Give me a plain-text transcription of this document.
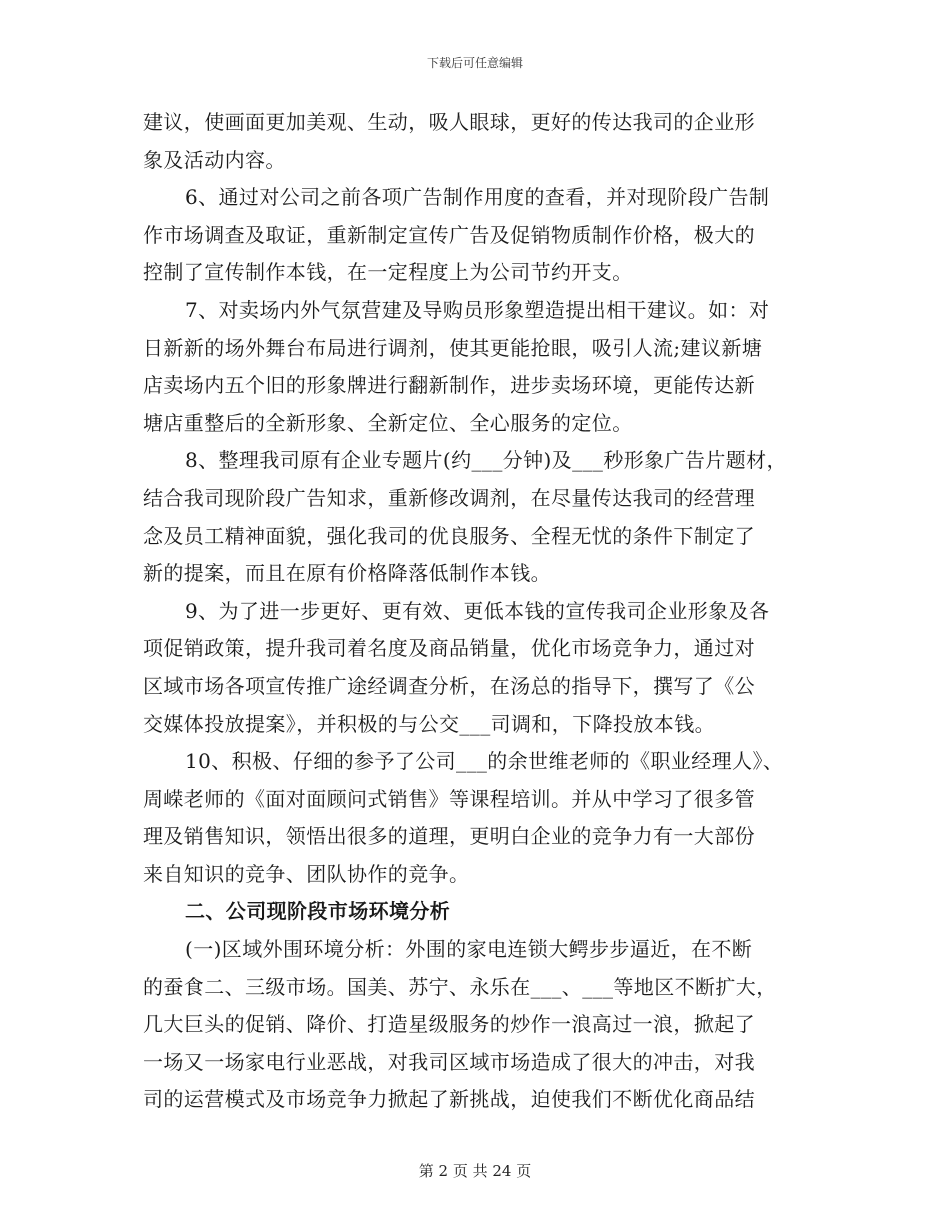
下载后可任意编辑
建议，使画面更加美观、生动，吸人眼球，更好的传达我司的企业形
象及活动内容。
6、通过对公司之前各项广告制作用度的查看，并对现阶段广告制
作市场调查及取证，重新制定宣传广告及促销物质制作价格，极大的
控制了宣传制作本钱，在一定程度上为公司节约开支。
7、对卖场内外气氛营建及导购员形象塑造提出相干建议。如：对
日新新的场外舞台布局进行调剂，使其更能抢眼，吸引人流;建议新塘
店卖场内五个旧的形象牌进行翻新制作，进步卖场环境，更能传达新
塘店重整后的全新形象、全新定位、全心服务的定位。
8、整理我司原有企业专题片(约___分钟)及___秒形象广告片题材，
结合我司现阶段广告知求，重新修改调剂，在尽量传达我司的经营理
念及员工精神面貌，强化我司的优良服务、全程无忧的条件下制定了
新的提案，而且在原有价格降落低制作本钱。
9、为了进一步更好、更有效、更低本钱的宣传我司企业形象及各
项促销政策，提升我司着名度及商品销量，优化市场竞争力，通过对
区域市场各项宣传推广途经调查分析，在汤总的指导下，撰写了《公
交媒体投放提案》，并积极的与公交___司调和，下降投放本钱。
10、积极、仔细的参予了公司___的余世维老师的《职业经理人》、
周嵘老师的《面对面顾问式销售》等课程培训。并从中学习了很多管
理及销售知识，领悟出很多的道理，更明白企业的竞争力有一大部份
来自知识的竞争、团队协作的竞争。
二、公司现阶段市场环境分析
(一)区域外围环境分析：外围的家电连锁大鳄步步逼近，在不断
的蚕食二、三级市场。国美、苏宁、永乐在___、___等地区不断扩大，
几大巨头的促销、降价、打造星级服务的炒作一浪高过一浪，掀起了
一场又一场家电行业恶战，对我司区域市场造成了很大的冲击，对我
司的运营模式及市场竞争力掀起了新挑战，迫使我们不断优化商品结
第 2 页 共 24 页
